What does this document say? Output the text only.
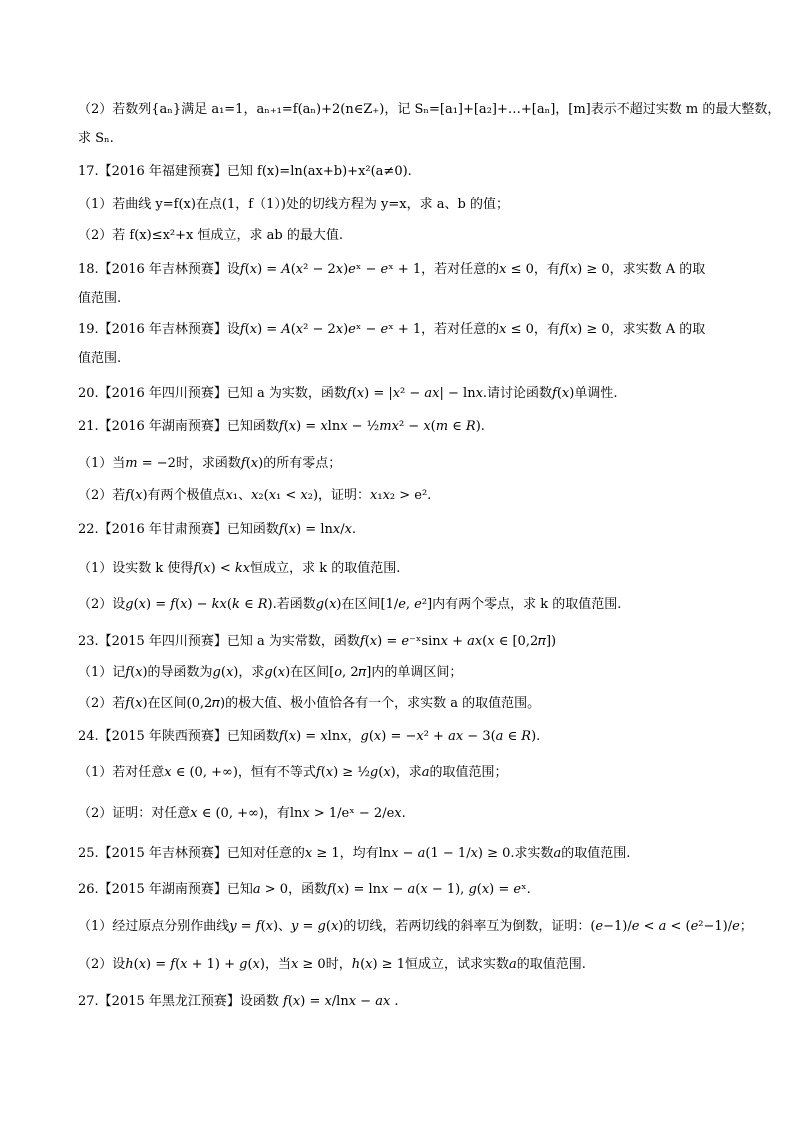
（2）若数列{aₙ}满足 a₁=1，aₙ₊₁=f(aₙ)+2(n∈Z₊)，记 Sₙ=[a₁]+[a₂]+…+[aₙ]，[m]表示不超过实数 m 的最大整数，
求 Sₙ.
17.【2016 年福建预赛】已知 f(x)=ln(ax+b)+x²(a≠0).
（1）若曲线 y=f(x)在点(1，f（1）)处的切线方程为 y=x，求 a、b 的值；
（2）若 f(x)≤x²+x 恒成立，求 ab 的最大值.
18.【2016 年吉林预赛】设𝑓(𝑥) = 𝐴(𝑥² − 2𝑥)𝑒ˣ − 𝑒ˣ + 1，若对任意的𝑥 ≤ 0，有𝑓(𝑥) ≥ 0，求实数 A 的取
值范围.
19.【2016 年吉林预赛】设𝑓(𝑥) = 𝐴(𝑥² − 2𝑥)𝑒ˣ − 𝑒ˣ + 1，若对任意的𝑥 ≤ 0，有𝑓(𝑥) ≥ 0，求实数 A 的取
值范围.
20.【2016 年四川预赛】已知 a 为实数，函数𝑓(𝑥) = |𝑥² − 𝑎𝑥| − ln𝑥.请讨论函数𝑓(𝑥)单调性.
21.【2016 年湖南预赛】已知函数𝑓(𝑥) = 𝑥ln𝑥 − ½𝑚𝑥² − 𝑥(𝑚 ∈ 𝑅).
（1）当𝑚 = −2时，求函数𝑓(𝑥)的所有零点；
（2）若𝑓(𝑥)有两个极值点𝑥₁、𝑥₂(𝑥₁ < 𝑥₂)，证明：𝑥₁𝑥₂ > e².
22.【2016 年甘肃预赛】已知函数𝑓(𝑥) = ln𝑥/𝑥.
（1）设实数 k 使得𝑓(𝑥) < 𝑘𝑥恒成立，求 k 的取值范围.
（2）设𝑔(𝑥) = 𝑓(𝑥) − 𝑘𝑥(𝑘 ∈ 𝑅).若函数𝑔(𝑥)在区间[1/𝑒, 𝑒²]内有两个零点，求 k 的取值范围.
23.【2015 年四川预赛】已知 a 为实常数，函数𝑓(𝑥) = 𝑒⁻ˣsin𝑥 + 𝑎𝑥(𝑥 ∈ [0,2𝜋])
（1）记𝑓(𝑥)的导函数为𝑔(𝑥)，求𝑔(𝑥)在区间[𝑜, 2𝜋]内的单调区间；
（2）若𝑓(𝑥)在区间(0,2𝜋)的极大值、极小值恰各有一个，求实数 a 的取值范围。
24.【2015 年陕西预赛】已知函数𝑓(𝑥) = 𝑥ln𝑥，𝑔(𝑥) = −𝑥² + 𝑎𝑥 − 3(𝑎 ∈ 𝑅).
（1）若对任意𝑥 ∈ (0, +∞)，恒有不等式𝑓(𝑥) ≥ ½𝑔(𝑥)，求𝑎的取值范围；
（2）证明：对任意𝑥 ∈ (0, +∞)，有ln𝑥 > 1/eˣ − 2/e𝑥.
25.【2015 年吉林预赛】已知对任意的𝑥 ≥ 1，均有ln𝑥 − 𝑎(1 − 1/𝑥) ≥ 0.求实数𝑎的取值范围.
26.【2015 年湖南预赛】已知𝑎 > 0，函数𝑓(𝑥) = ln𝑥 − 𝑎(𝑥 − 1), 𝑔(𝑥) = 𝑒ˣ.
（1）经过原点分别作曲线𝑦 = 𝑓(𝑥)、𝑦 = 𝑔(𝑥)的切线，若两切线的斜率互为倒数，证明：(𝑒−1)/𝑒 < 𝑎 < (𝑒²−1)/𝑒；
（2）设ℎ(𝑥) = 𝑓(𝑥 + 1) + 𝑔(𝑥)，当𝑥 ≥ 0时，ℎ(𝑥) ≥ 1恒成立，试求实数𝑎的取值范围.
27.【2015 年黑龙江预赛】设函数 𝑓(𝑥) = 𝑥/ln𝑥 − 𝑎𝑥 .
